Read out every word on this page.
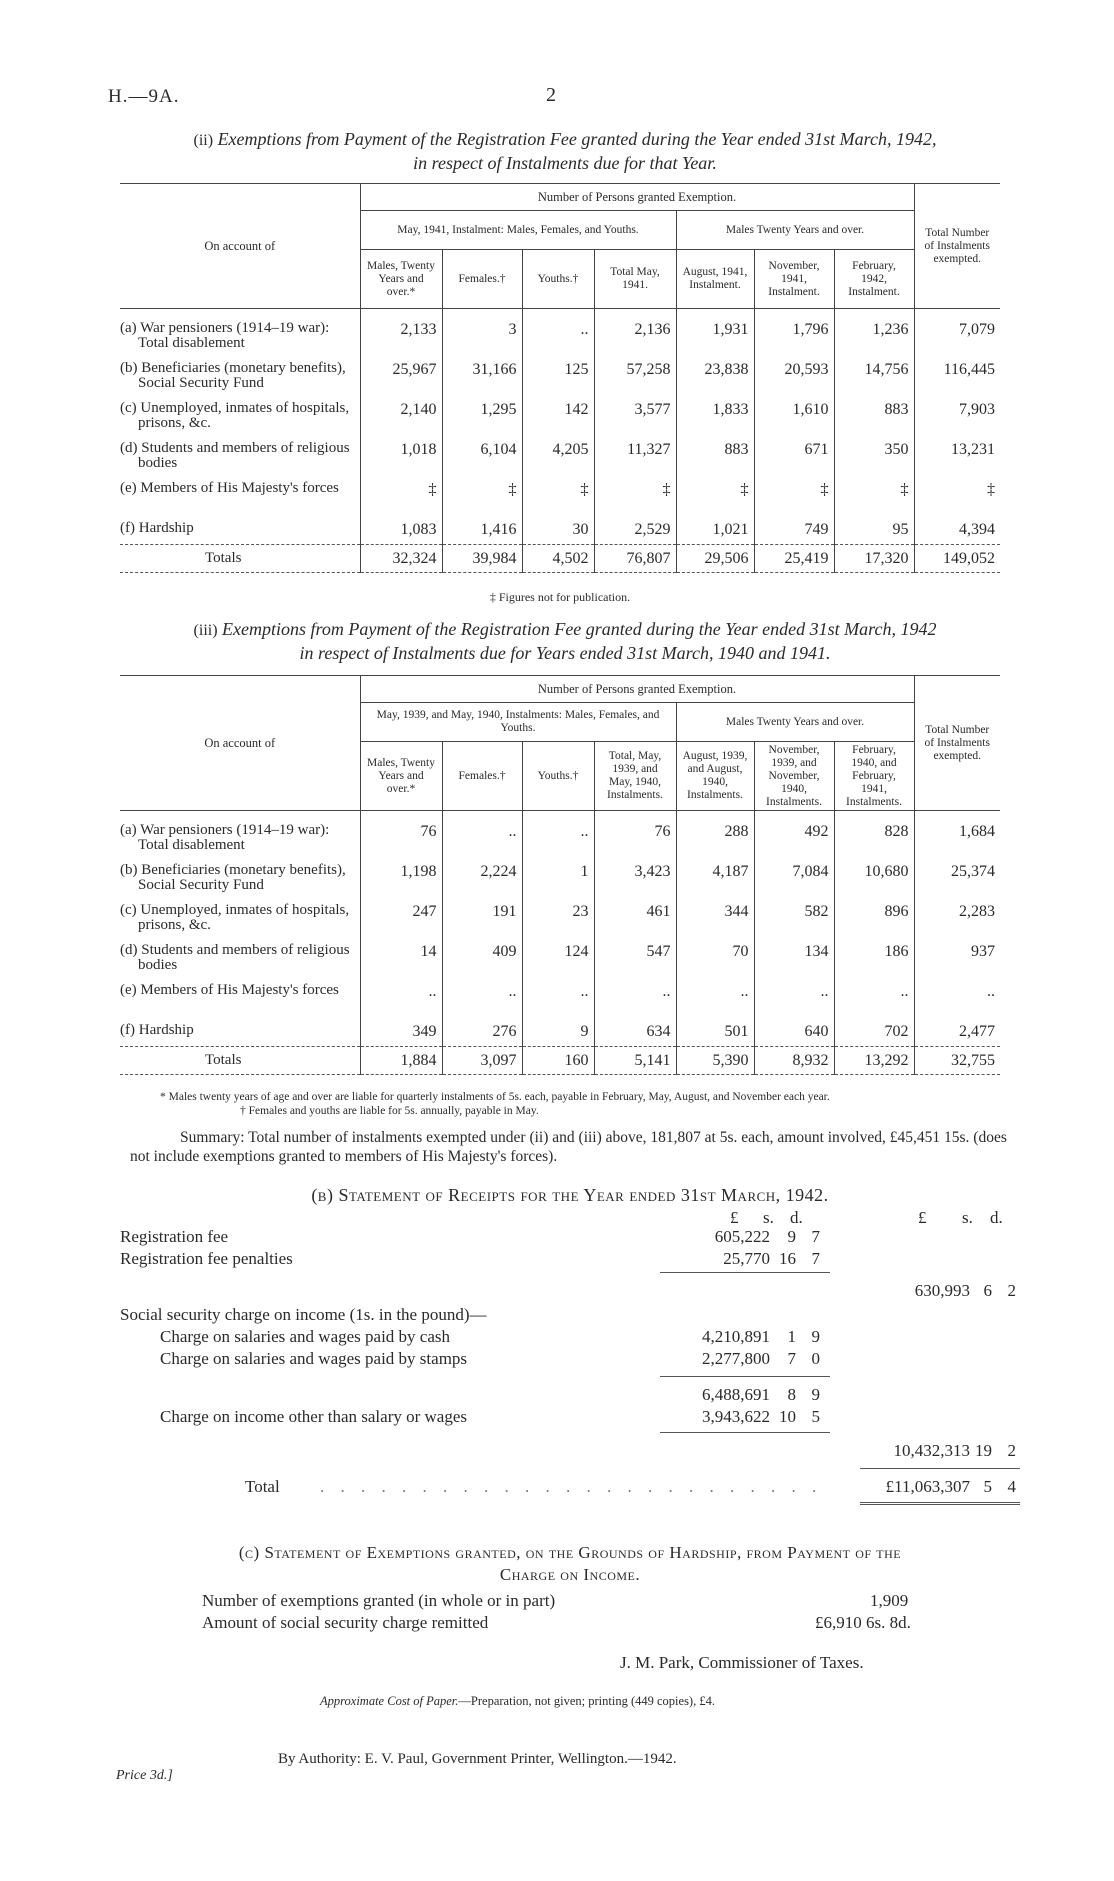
H.—9A.	2
(ii) Exemptions from Payment of the Registration Fee granted during the Year ended 31st March, 1942,
in respect of Instalments due for that Year.
On account of	Number of Persons granted Exemption.							Total Number of Instalments exempted.
	May, 1941, Instalment: Males, Females, and Youths.				Males Twenty Years and over.			
	Males, Twenty Years and over.*	Females.†	Youths.†	Total May, 1941.	August, 1941, Instalment.	November, 1941, Instalment.	February, 1942, Instalment.	

(a) War pensioners (1914–19 war): Total disablement	2,133	3	..	2,136	1,931	1,796	1,236	7,079
(b) Beneficiaries (monetary benefits), Social Security Fund	25,967	31,166	125	57,258	23,838	20,593	14,756	116,445
(c) Unemployed, inmates of hospitals, prisons, &c.	2,140	1,295	142	3,577	1,833	1,610	883	7,903
(d) Students and members of religious bodies	1,018	6,104	4,205	11,327	883	671	350	13,231
(e) Members of His Majesty's forces	‡	‡	‡	‡	‡	‡	‡	‡
(f) Hardship	1,083	1,416	30	2,529	1,021	749	95	4,394
Totals	32,324	39,984	4,502	76,807	29,506	25,419	17,320	149,052
‡ Figures not for publication.
(iii) Exemptions from Payment of the Registration Fee granted during the Year ended 31st March, 1942
in respect of Instalments due for Years ended 31st March, 1940 and 1941.
On account of	Number of Persons granted Exemption.							Total Number of Instalments exempted.
	May, 1939, and May, 1940, Instalments: Males, Females, and Youths.				Males Twenty Years and over.			
	Males, Twenty Years and over.*	Females.†	Youths.†	Total, May, 1939, and May, 1940, Instalments.	August, 1939, and August, 1940, Instalments.	November, 1939, and November, 1940, Instalments.	February, 1940, and February, 1941, Instalments.	

(a) War pensioners (1914–19 war): Total disablement	76	..	..	76	288	492	828	1,684
(b) Beneficiaries (monetary benefits), Social Security Fund	1,198	2,224	1	3,423	4,187	7,084	10,680	25,374
(c) Unemployed, inmates of hospitals, prisons, &c.	247	191	23	461	344	582	896	2,283
(d) Students and members of religious bodies	14	409	124	547	70	134	186	937
(e) Members of His Majesty's forces	..	..	..	..	..	..	..	..
(f) Hardship	349	276	9	634	501	640	702	2,477
Totals	1,884	3,097	160	5,141	5,390	8,932	13,292	32,755
* Males twenty years of age and over are liable for quarterly instalments of 5s. each, payable in February, May, August, and November each year.
† Females and youths are liable for 5s. annually, payable in May.
Summary: Total number of instalments exempted under (ii) and (iii) above, 181,807 at 5s. each, amount involved, £45,451 15s. (does not include exemptions granted to members of His Majesty's forces).
(b) Statement of Receipts for the Year ended 31st March, 1942.
£ s. d.	£ s. d.
Registration fee	605,222 9 7
Registration fee penalties	25,770 16 7
630,993 6 2
Social security charge on income (1s. in the pound)—
Charge on salaries and wages paid by cash	4,210,891 1 9
Charge on salaries and wages paid by stamps	2,277,800 7 0
6,488,691 8 9
Charge on income other than salary or wages	3,943,622 10 5
10,432,313 19 2
Total . . . . . . . . . . . . . . . . . . . . . . . . .	£11,063,307 5 4
(c) Statement of Exemptions granted, on the Grounds of Hardship, from Payment of the
Charge on Income.
Number of exemptions granted (in whole or in part)	1,909
Amount of social security charge remitted	£6,910 6s. 8d.
J. M. Park, Commissioner of Taxes.
Approximate Cost of Paper.—Preparation, not given; printing (449 copies), £4.
By Authority: E. V. Paul, Government Printer, Wellington.—1942.
Price 3d.]
